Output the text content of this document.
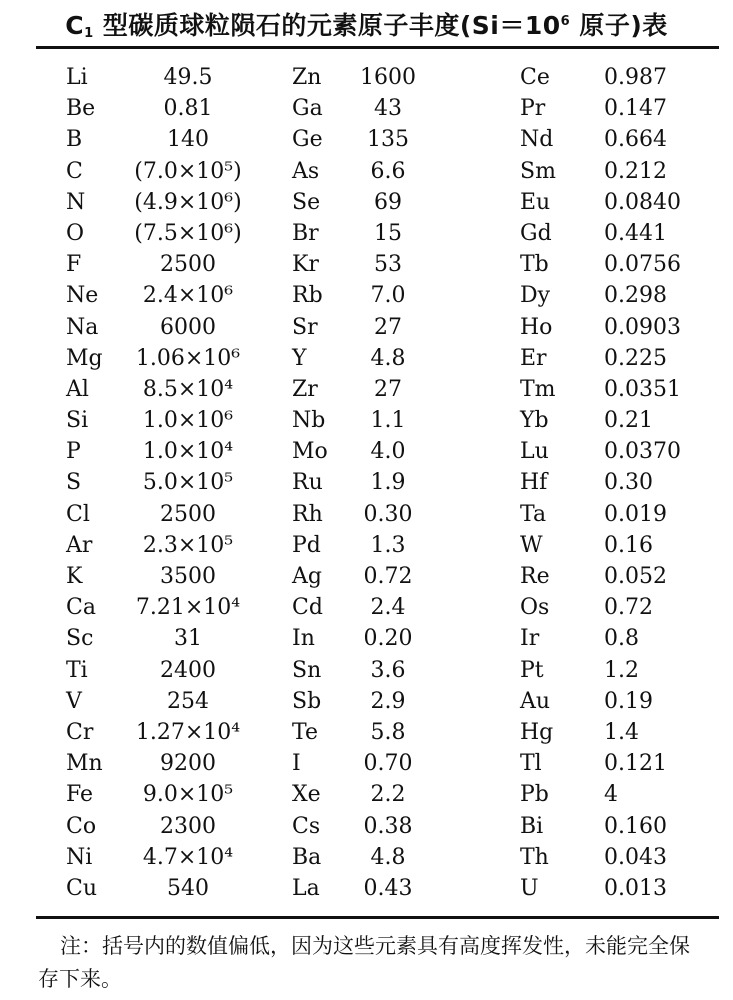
$C_1$ 型碳质球粒陨石的元素原子丰度($Si=10^6$ 原子)表
Li	49.5	Zn	1600	Ce 0.987
Be	0.81	Ga	43	Pr	0.147
B	140	Ge	135	Nd 0.664
C	(7.0×10⁵)	As	6.6	Sm 0.212
N	(4.9×10⁶)	Se	69	Eu 0.0840
O	(7.5×10⁶)	Br	15	Gd 0.441
F	2500	Kr	53	Tb	0.0756
Ne	2.4×10⁶	Rb	7.0	Dy 0.298
Na	6000	Sr	27	Ho 0.0903
Mg	1.06×10⁶	Y	4.8	Er	0.225
Al	8.5×10⁴	Zr	27	Tm 0.0351
Si	1.0×10⁶	Nb	1.1	Yb	0.21
P	1.0×10⁴	Mo	4.0	Lu	0.0370
S	5.0×10⁵	Ru	1.9	Hf	0.30
Cl	2500	Rh	0.30	Ta	0.019
Ar	2.3×10⁵	Pd	1.3	W	0.16
K	3500	Ag	0.72	Re 0.052
Ca	7.21×10⁴	Cd	2.4	Os 0.72
Sc	31	In	0.20	Ir	0.8
Ti	2400	Sn	3.6	Pt	1.2
V	254	Sb	2.9	Au 0.19
Cr	1.27×10⁴	Te	5.8	Hg 1.4
Mn	9200	I	0.70	Tl	0.121
Fe	9.0×10⁵	Xe	2.2	Pb	4
Co	2300	Cs	0.38	Bi	0.160
Ni	4.7×10⁴	Ba	4.8	Th	0.043
Cu	540	La	0.43	U	0.013
注：括号内的数值偏低，因为这些元素具有高度挥发性，未能完全保存下来。
